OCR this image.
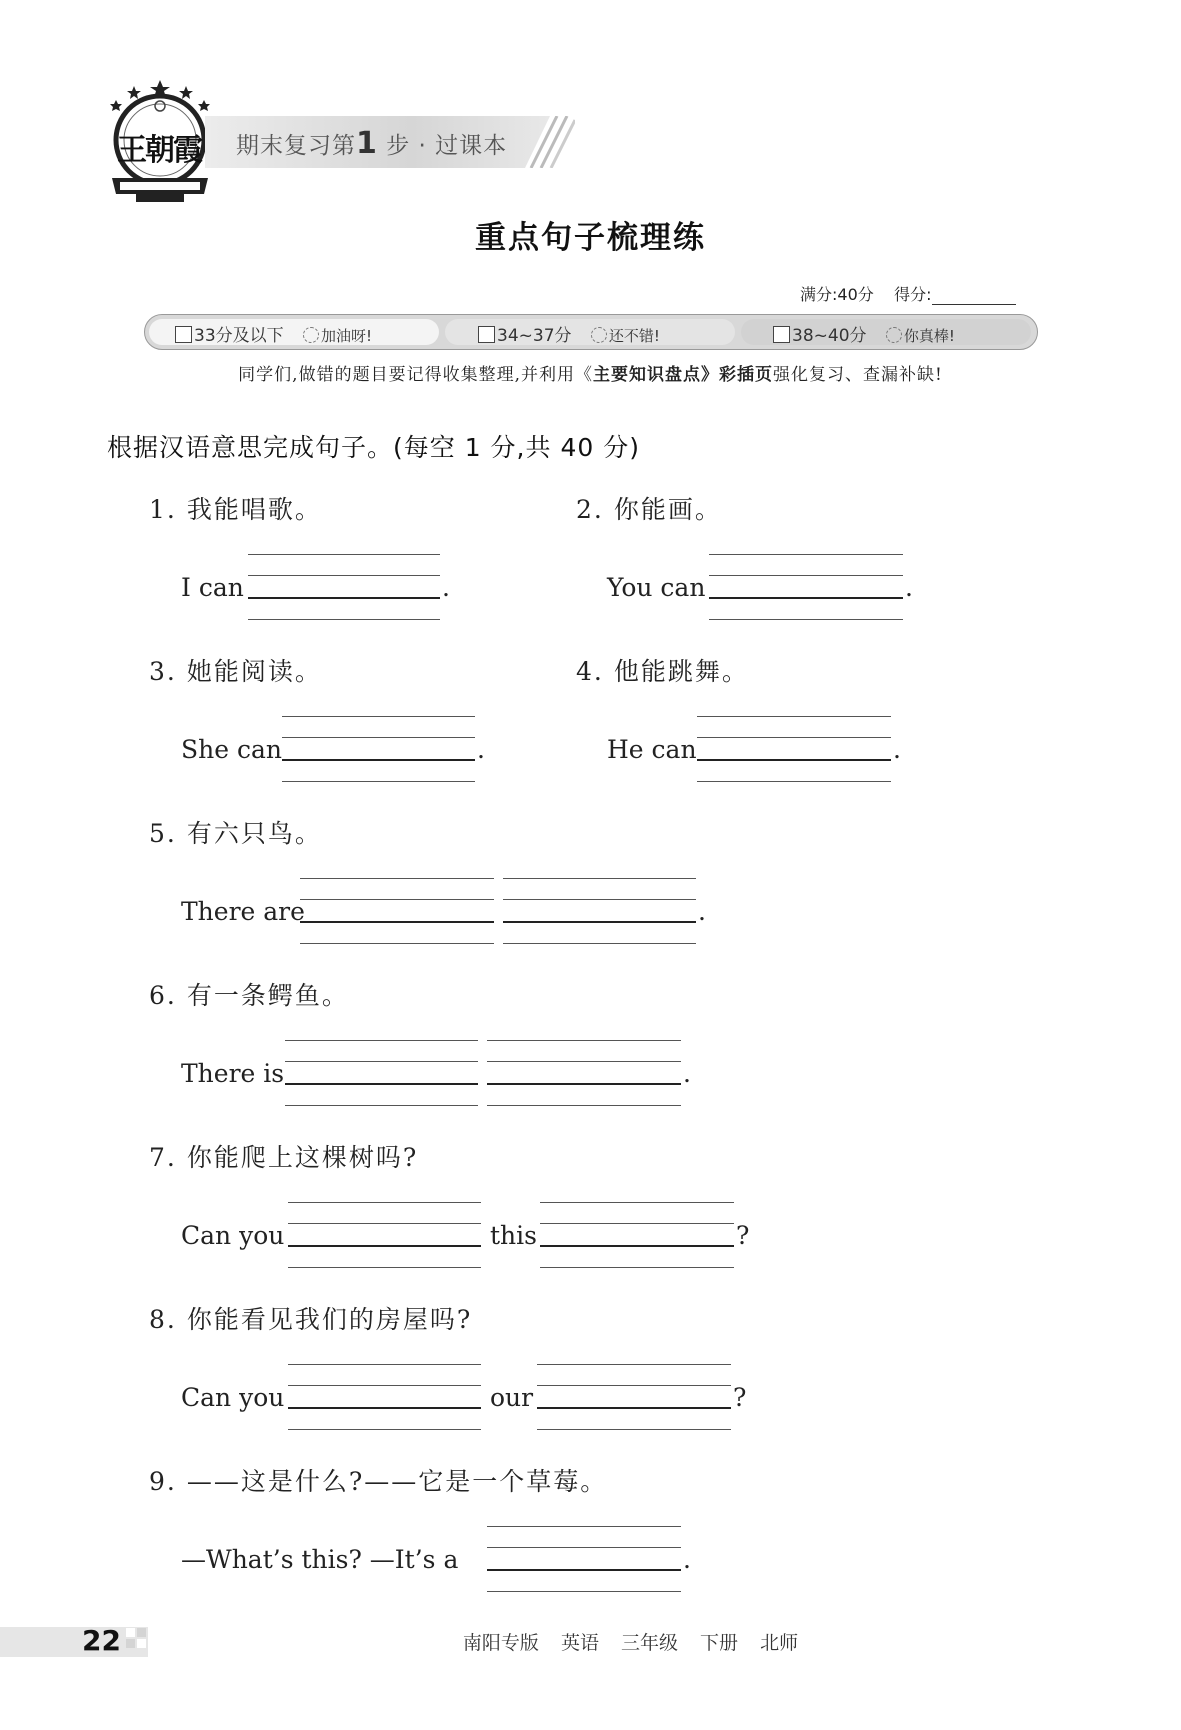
王朝霞 期末复习第1 步 · 过课本
重点句子梳理练
满分:40分 得分:
33分及以下 加油呀!	34~37分 还不错!	38~40分 你真棒!
同学们,做错的题目要记得收集整理,并利用《主要知识盘点》彩插页强化复习、查漏补缺!
根据汉语意思完成句子。(每空 1 分,共 40 分)
1. 我能唱歌。
I can	.
2. 你能画。
You can	.
3. 她能阅读。
She can	.
4. 他能跳舞。
He can	.
5. 有六只鸟。
There are	.
6. 有一条鳄鱼。
There is	.
7. 你能爬上这棵树吗?
Can you	this	?
8. 你能看见我们的房屋吗?
Can you	our	?
9. ——这是什么?——它是一个草莓。
—What’s this? —It’s a	.
22	南阳专版 英语 三年级 下册 北师
